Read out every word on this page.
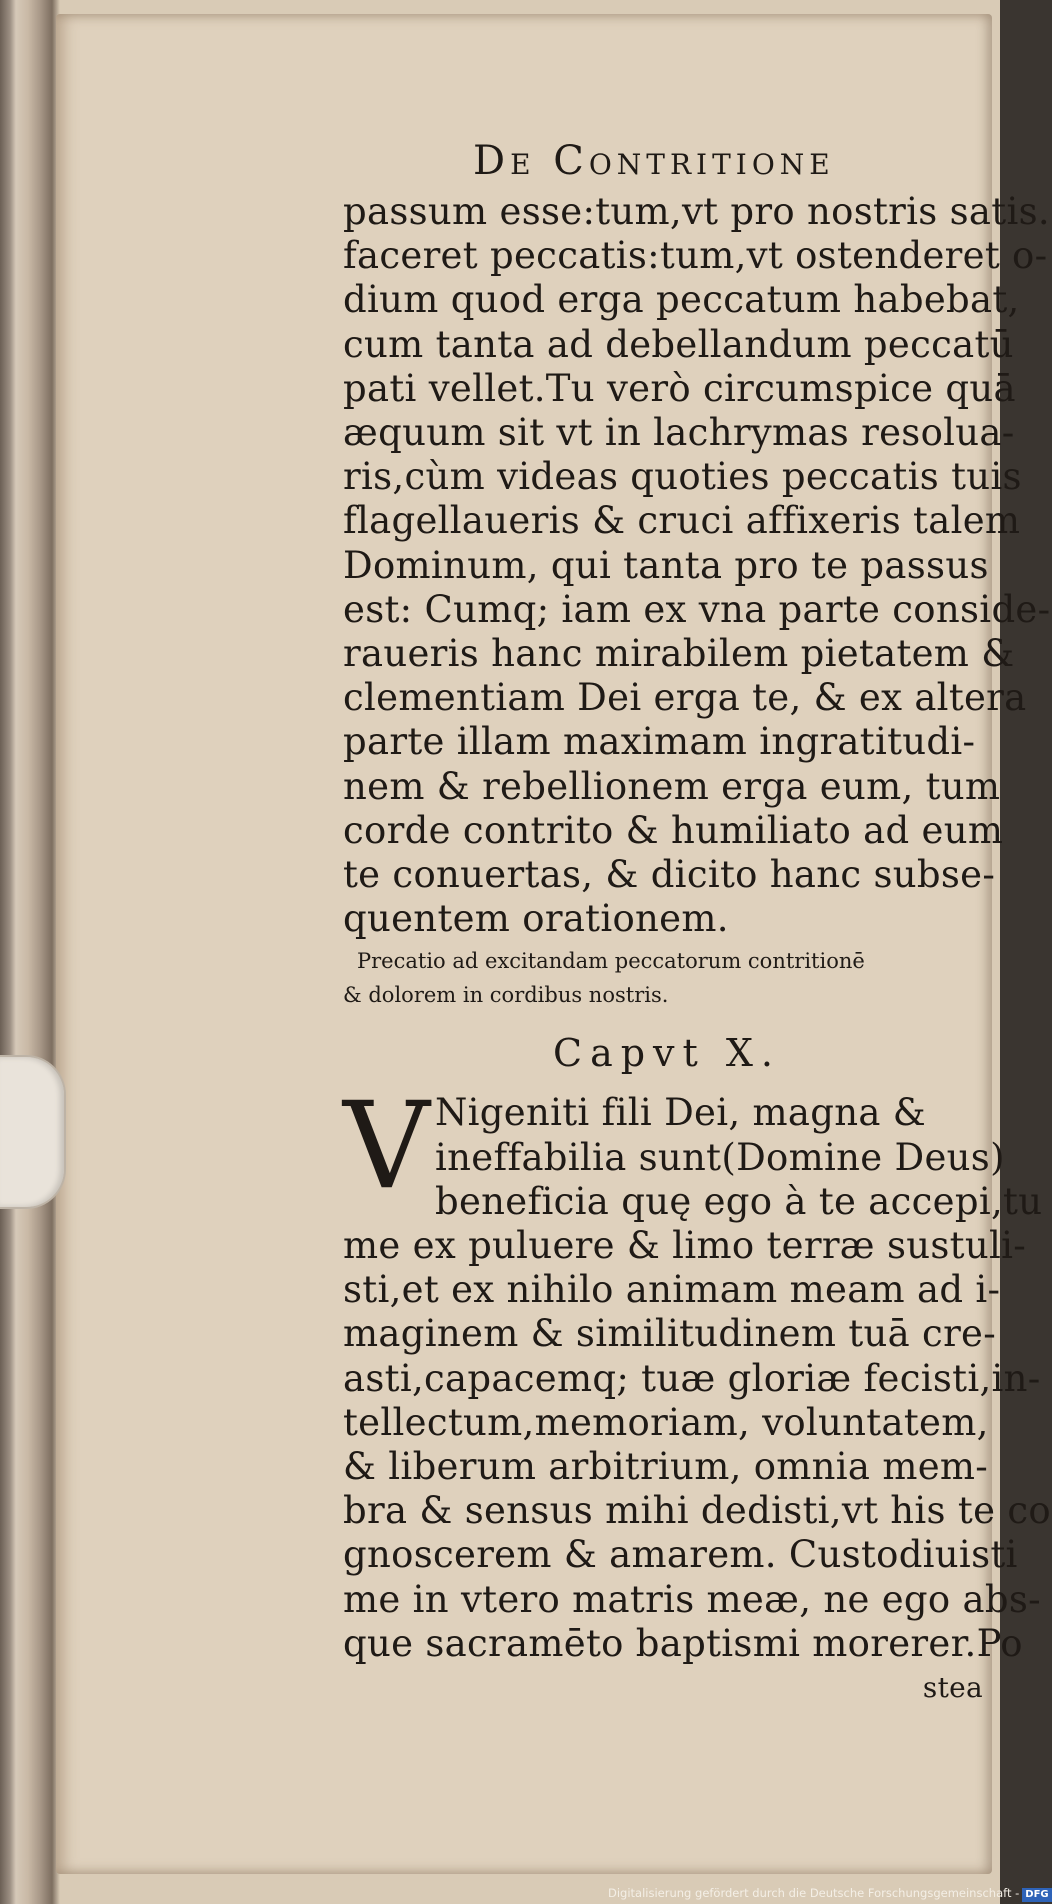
De Contritione
passum esse:tum,vt pro nostris satis.
faceret peccatis:tum,vt ostenderet o-
dium quod erga peccatum habebat,
cum tanta ad debellandum peccatū
pati vellet.Tu verò circumspice quā
æquum sit vt in lachrymas resolua-
ris,cùm videas quoties peccatis tuis
flagellaueris & cruci affixeris talem
Dominum, qui tanta pro te passus
est: Cumq; iam ex vna parte conside-
raueris hanc mirabilem pietatem &
clementiam Dei erga te, & ex altera
parte illam maximam ingratitudi-
nem & rebellionem erga eum, tum
corde contrito & humiliato ad eum
te conuertas, & dicito hanc subse-
quentem orationem.
Precatio ad excitandam peccatorum contritionē
& dolorem in cordibus nostris.
Capvt X.
V Nigeniti fili Dei, magna &
ineffabilia sunt(Domine Deus)
beneficia quę ego à te accepi,tu
me ex puluere & limo terræ sustuli-
sti,et ex nihilo animam meam ad i-
maginem & similitudinem tuā cre-
asti,capacemq; tuæ gloriæ fecisti,in-
tellectum,memoriam, voluntatem,
& liberum arbitrium, omnia mem-
bra & sensus mihi dedisti,vt his te co
gnoscerem & amarem. Custodiuisti
me in vtero matris meæ, ne ego abs-
que sacramēto baptismi morerer.Po
stea
Digitalisierung gefördert durch die Deutsche Forschungsgemeinschaft - DFG
